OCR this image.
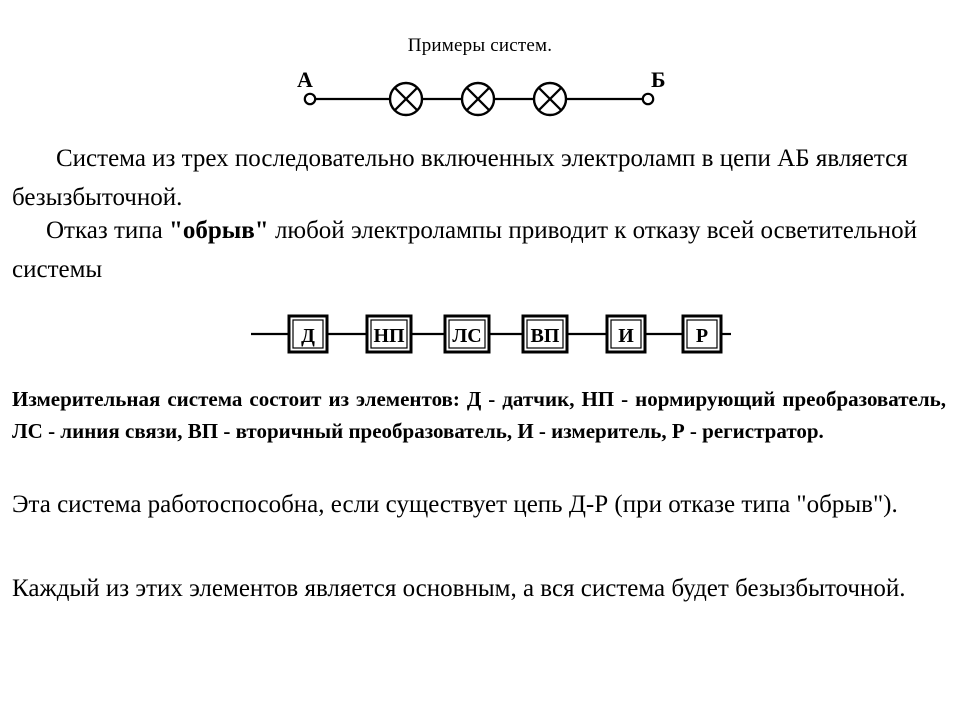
Примеры систем.
А	Б
Система из трех последовательно включенных электроламп в цепи АБ является безызбыточной.
Отказ типа "обрыв" любой электролампы приводит к отказу всей осветительной системы
Д	НП ЛС ВП	И	Р
Измерительная система состоит из элементов: Д - датчик, НП - нормирующий преобразователь, ЛС - линия связи, ВП - вторичный преобразователь, И - измеритель, Р - регистратор.
Эта система работоспособна, если существует цепь Д-Р (при отказе типа "обрыв").
Каждый из этих элементов является основным, а вся система будет безызбыточной.
